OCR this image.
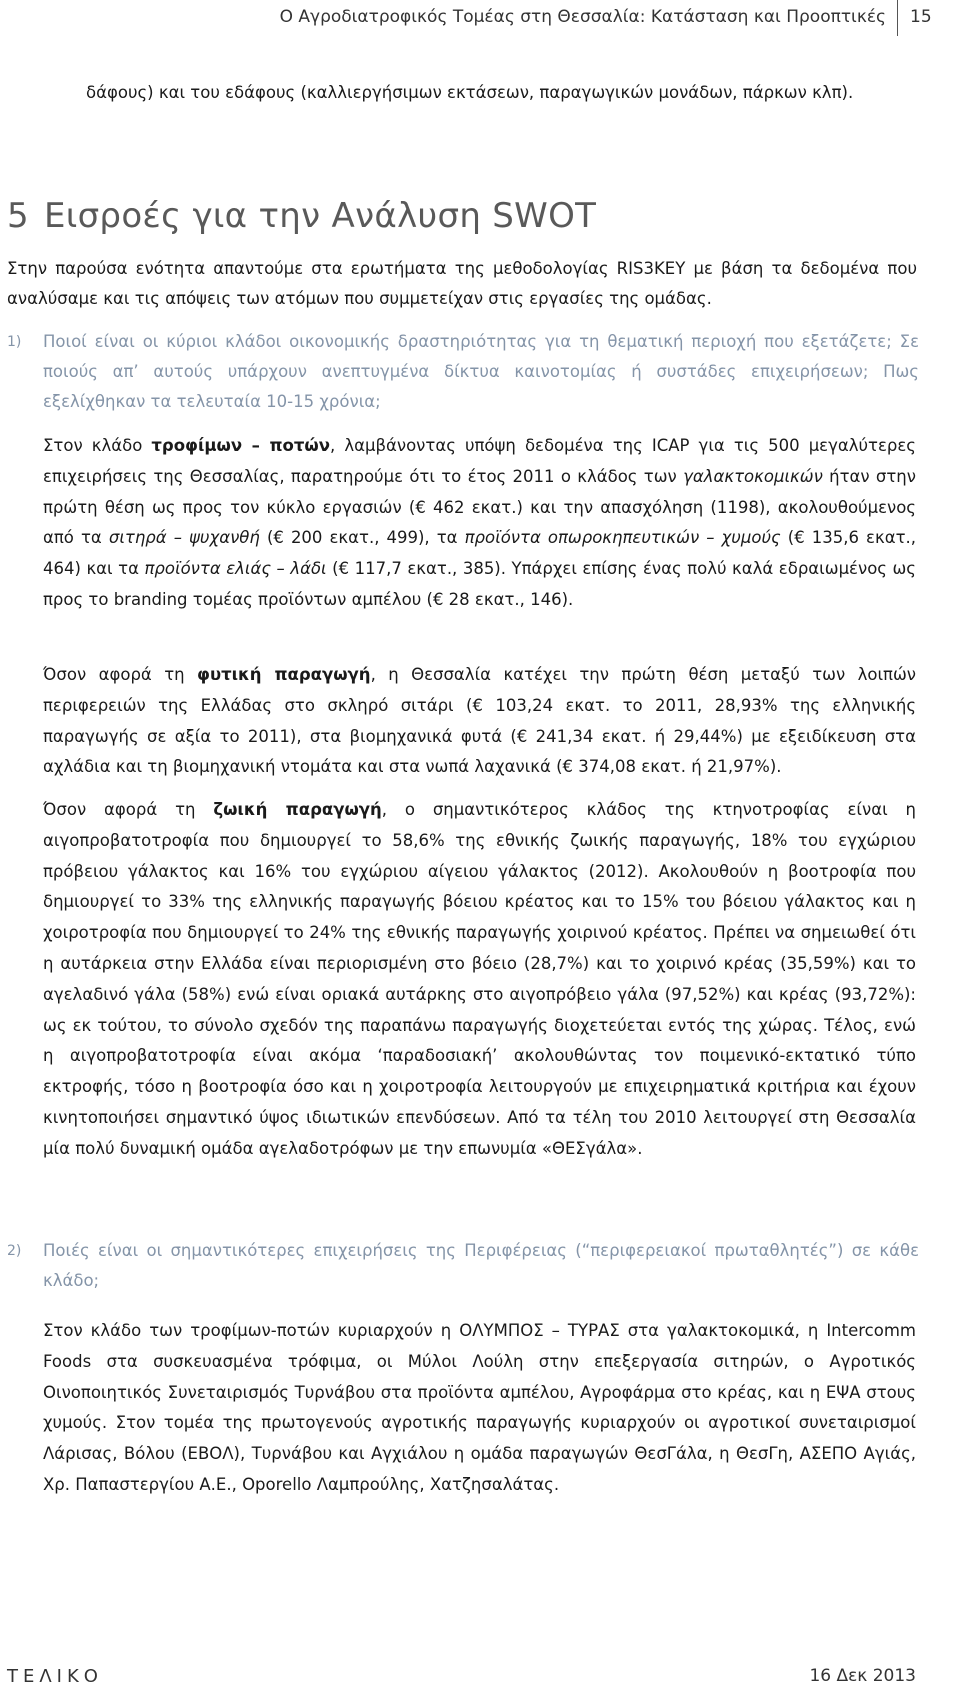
Ο Αγροδιατροφικός Τομέας στη Θεσσαλία: Κατάσταση και Προοπτικές 15
δάφους) και του εδάφους (καλλιεργήσιμων εκτάσεων, παραγωγικών μονάδων, πάρκων κλπ).
5 Εισροές για την Ανάλυση SWOT
Στην παρούσα ενότητα απαντούμε στα ερωτήματα της μεθοδολογίας RIS3KEY με βάση τα δεδομένα που αναλύσαμε και τις απόψεις των ατόμων που συμμετείχαν στις εργασίες της ομάδας.
1)	Ποιοί είναι οι κύριοι κλάδοι οικονομικής δραστηριότητας για τη θεματική περιοχή που εξετάζετε; Σε ποιούς απ’ αυτούς υπάρχουν ανεπτυγμένα δίκτυα καινοτομίας ή συστάδες επιχειρήσεων; Πως εξελίχθηκαν τα τελευταία 10-15 χρόνια;
Στον κλάδο τροφίμων – ποτών, λαμβάνοντας υπόψη δεδομένα της ICAP για τις 500 μεγαλύτερες επιχειρήσεις της Θεσσαλίας, παρατηρούμε ότι το έτος 2011 ο κλάδος των γαλακτοκομικών ήταν στην πρώτη θέση ως προς τον κύκλο εργασιών (€ 462 εκατ.) και την απασχόληση (1198), ακολουθούμενος από τα σιτηρά – ψυχανθή (€ 200 εκατ., 499), τα προϊόντα οπωροκηπευτικών – χυμούς (€ 135,6 εκατ., 464) και τα προϊόντα ελιάς – λάδι (€ 117,7 εκατ., 385). Υπάρχει επίσης ένας πολύ καλά εδραιωμένος ως προς το branding τομέας προϊόντων αμπέλου (€ 28 εκατ., 146).
Όσον αφορά τη φυτική παραγωγή, η Θεσσαλία κατέχει την πρώτη θέση μεταξύ των λοιπών περιφερειών της Ελλάδας στο σκληρό σιτάρι (€ 103,24 εκατ. το 2011, 28,93% της ελληνικής παραγωγής σε αξία το 2011), στα βιομηχανικά φυτά (€ 241,34 εκατ. ή 29,44%) με εξειδίκευση στα αχλάδια και τη βιομηχανική ντομάτα και στα νωπά λαχανικά (€ 374,08 εκατ. ή 21,97%).
Όσον αφορά τη ζωική παραγωγή, ο σημαντικότερος κλάδος της κτηνοτροφίας είναι η αιγοπροβατοτροφία που δημιουργεί το 58,6% της εθνικής ζωικής παραγωγής, 18% του εγχώριου πρόβειου γάλακτος και 16% του εγχώριου αίγειου γάλακτος (2012). Ακολουθούν η βοοτροφία που δημιουργεί το 33% της ελληνικής παραγωγής βόειου κρέατος και το 15% του βόειου γάλακτος και η χοιροτροφία που δημιουργεί το 24% της εθνικής παραγωγής χοιρινού κρέατος. Πρέπει να σημειωθεί ότι η αυτάρκεια στην Ελλάδα είναι περιορισμένη στο βόειο (28,7%) και το χοιρινό κρέας (35,59%) και το αγελαδινό γάλα (58%) ενώ είναι οριακά αυτάρκης στο αιγοπρόβειο γάλα (97,52%) και κρέας (93,72%): ως εκ τούτου, το σύνολο σχεδόν της παραπάνω παραγωγής διοχετεύεται εντός της χώρας. Τέλος, ενώ η αιγοπροβατοτροφία είναι ακόμα ‘παραδοσιακή’ ακολουθώντας τον ποιμενικό-εκτατικό τύπο εκτροφής, τόσο η βοοτροφία όσο και η χοιροτροφία λειτουργούν με επιχειρηματικά κριτήρια και έχουν κινητοποιήσει σημαντικό ύψος ιδιωτικών επενδύσεων. Από τα τέλη του 2010 λειτουργεί στη Θεσσαλία μία πολύ δυναμική ομάδα αγελαδοτρόφων με την επωνυμία «ΘΕΣγάλα».
2)	Ποιές είναι οι σημαντικότερες επιχειρήσεις της Περιφέρειας (“περιφερειακοί πρωταθλητές”) σε κάθε κλάδο;
Στον κλάδο των τροφίμων-ποτών κυριαρχούν η ΟΛΥΜΠΟΣ – ΤΥΡΑΣ στα γαλακτοκομικά, η Intercomm Foods στα συσκευασμένα τρόφιμα, οι Μύλοι Λούλη στην επεξεργασία σιτηρών, ο Αγροτικός Οινοποιητικός Συνεταιρισμός Τυρνάβου στα προϊόντα αμπέλου, Αγροφάρμα στο κρέας, και η ΕΨΑ στους χυμούς. Στον τομέα της πρωτογενούς αγροτικής παραγωγής κυριαρχούν οι αγροτικοί συνεταιρισμοί Λάρισας, Βόλου (ΕΒΟΛ), Τυρνάβου και Αγχιάλου η ομάδα παραγωγών ΘεσΓάλα, η ΘεσΓη, ΑΣΕΠΟ Αγιάς, Χρ. Παπαστεργίου Α.Ε., Oporello Λαμπρούλης, Χατζησαλάτας.
ΤΕΛΙΚΟ	16 Δεκ 2013
